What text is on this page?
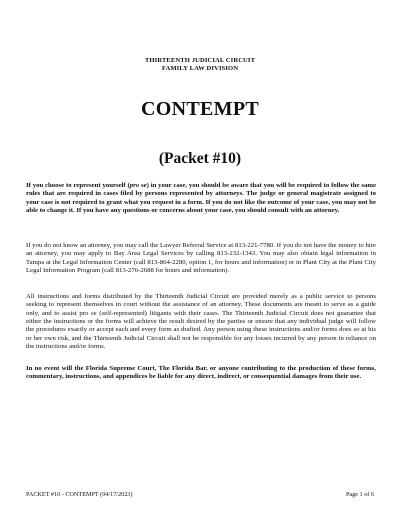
THIRTEENTH JUDICIAL CIRCUIT
FAMILY LAW DIVISION
CONTEMPT
(Packet #10)
If you choose to represent yourself (pro se) in your case, you should be aware that you will be required to follow the same rules that are required in cases filed by persons represented by attorneys. The judge or general magistrate assigned to your case is not required to grant what you request in a form. If you do not like the outcome of your case, you may not be able to change it. If you have any questions or concerns about your case, you should consult with an attorney.
If you do not know an attorney, you may call the Lawyer Referral Service at 813-221-7780. If you do not have the money to hire an attorney, you may apply to Bay Area Legal Services by calling 813-232-1343. You may also obtain legal information in Tampa at the Legal Information Center (call 813-864-2280, option 1, for hours and information) or in Plant City at the Plant City Legal Information Program (call 813-276-2688 for hours and information).
All instructions and forms distributed by the Thirteenth Judicial Circuit are provided merely as a public service to persons seeking to represent themselves in court without the assistance of an attorney. These documents are meant to serve as a guide only, and to assist pro se (self-represented) litigants with their cases. The Thirteenth Judicial Circuit does not guarantee that either the instructions or the forms will achieve the result desired by the parties or ensure that any individual judge will follow the procedures exactly or accept each and every form as drafted. Any person using these instructions and/or forms does so at his or her own risk, and the Thirteenth Judicial Circuit shall not be responsible for any losses incurred by any person in reliance on the instructions and/or forms.
In no event will the Florida Supreme Court, The Florida Bar, or anyone contributing to the production of these forms, commentary, instructions, and appendices be liable for any direct, indirect, or consequential damages from their use.
PACKET #10 - CONTEMPT (04/17/2023)	Page 1 of 6
